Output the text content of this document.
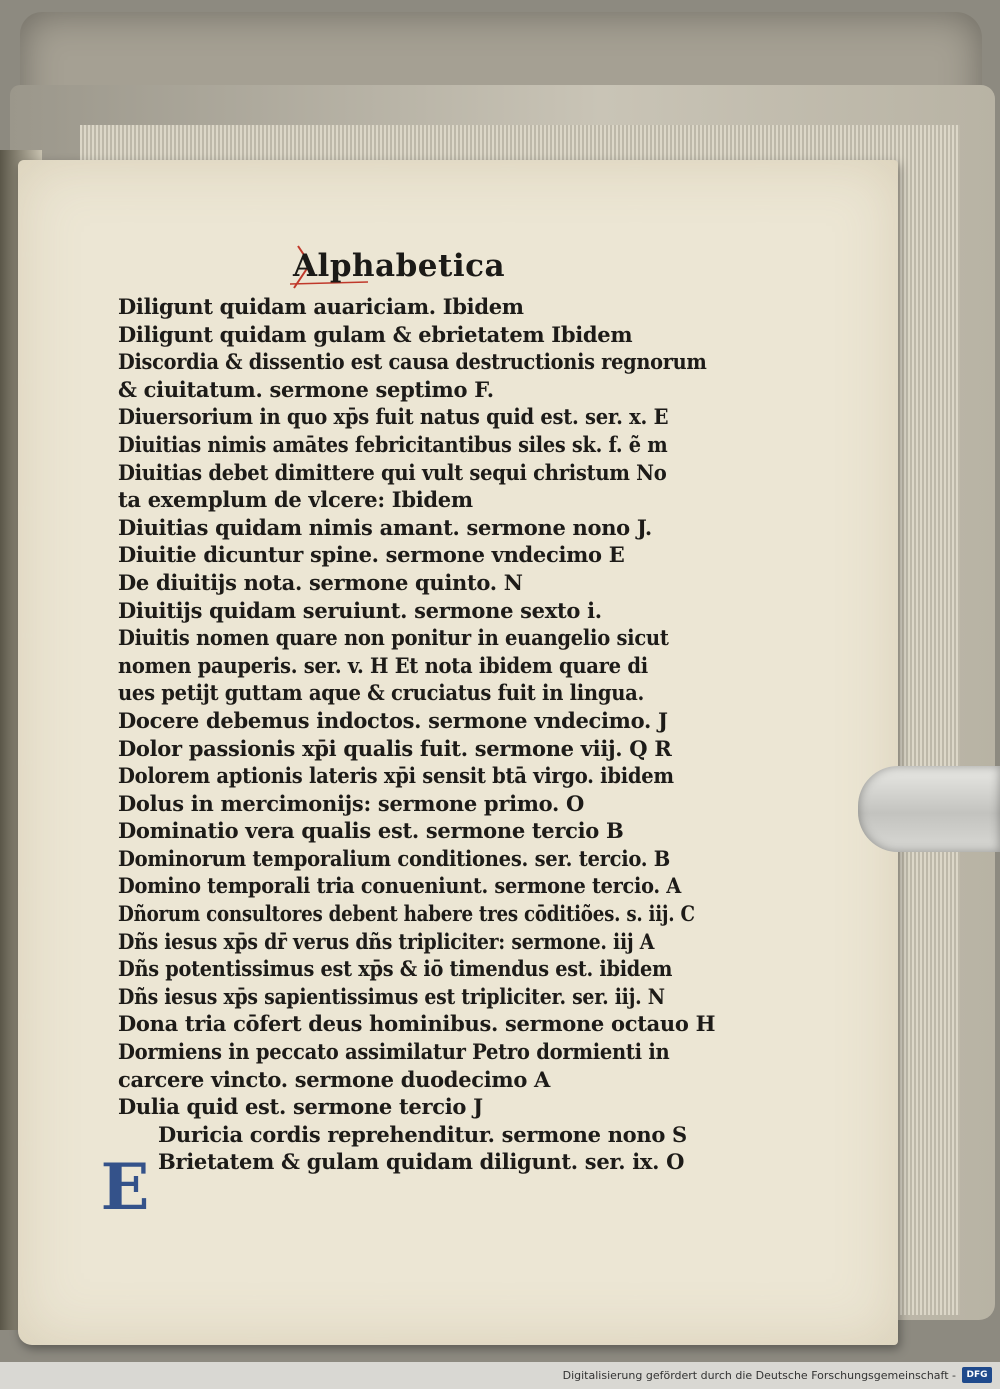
Alphabetica
Diligunt quidam auariciam. Ibidem
Diligunt quidam gulam & ebrietatem Ibidem
Discordia & dissentio est causa destructionis regnorum
& ciuitatum. sermone septimo F.
Diuersorium in quo xp̄s fuit natus quid est. ser. x. E
Diuitias nimis amātes febricitantibus siles sk. f. ẽ m
Diuitias debet dimittere qui vult sequi christum No
ta exemplum de vlcere: Ibidem
Diuitias quidam nimis amant. sermone nono J.
Diuitie dicuntur spine. sermone vndecimo E
De diuitijs nota. sermone quinto. N
Diuitijs quidam seruiunt. sermone sexto i.
Diuitis nomen quare non ponitur in euangelio sicut
nomen pauperis. ser. v. H Et nota ibidem quare di
ues petijt guttam aque & cruciatus fuit in lingua.
Docere debemus indoctos. sermone vndecimo. J
Dolor passionis xp̄i qualis fuit. sermone viij. Q R
Dolorem aptionis lateris xp̄i sensit btā virgo. ibidem
Dolus in mercimonijs: sermone primo. O
Dominatio vera qualis est. sermone tercio B
Dominorum temporalium conditiones. ser. tercio. B
Domino temporali tria conueniunt. sermone tercio. A
Dñorum consultores debent habere tres cōditiões. s. iij. C
Dñs iesus xp̄s dr̄ verus dñs tripliciter: sermone. iij A
Dñs potentissimus est xp̄s & iō timendus est. ibidem
Dñs iesus xp̄s sapientissimus est tripliciter. ser. iij. N
Dona tria cōfert deus hominibus. sermone octauo H
Dormiens in peccato assimilatur Petro dormienti in
carcere vincto. sermone duodecimo A
Dulia quid est. sermone tercio J
Duricia cordis reprehenditur. sermone nono S
Brietatem & gulam quidam diligunt. ser. ix. O
E
Digitalisierung gefördert durch die Deutsche Forschungsgemeinschaft -	DFG
